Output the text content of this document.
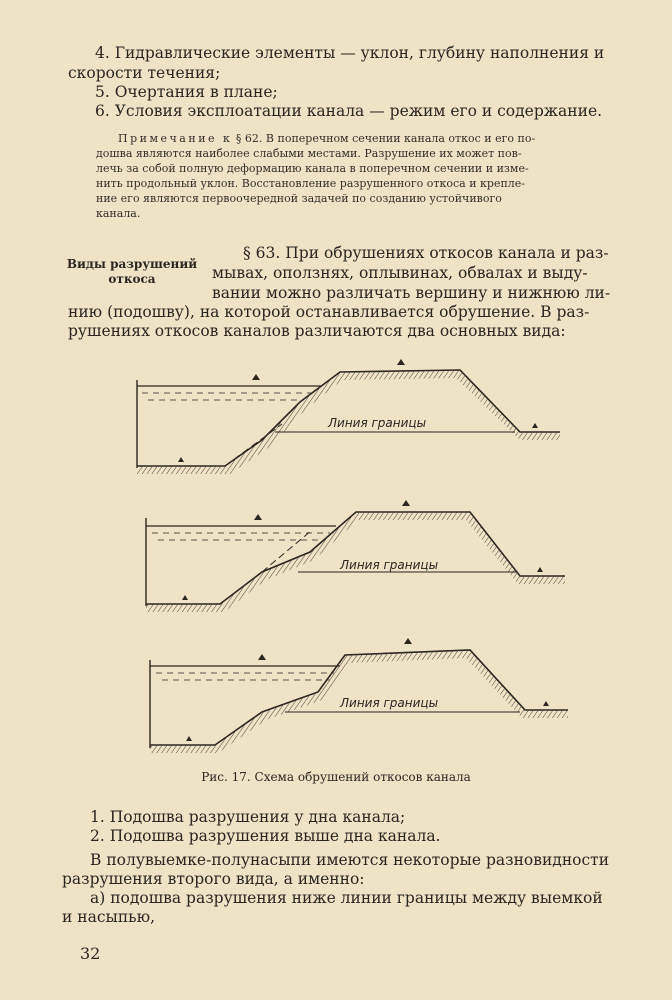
4. Гидравлические элементы — уклон, глубину наполнения и
скорости течения;
5. Очертания в плане;
6. Условия эксплоатации канала — режим его и содержание.
Примечание к § 62. В поперечном сечении канала откос и его по-
дошва являются наиболее слабыми местами. Разрушение их может пов-
лечь за собой полную деформацию канала в поперечном сечении и изме-
нить продольный уклон. Восстановление разрушенного откоса и крепле-
ние его являются первоочередной задачей по созданию устойчивого
канала.
Виды разрушений
откоса
§ 63. При обрушениях откосов канала и раз-
мывах, оползнях, оплывинах, обвалах и выду-
вании можно различать вершину и нижнюю ли-
нию (подошву), на которой останавливается обрушение. В раз-
рушениях откосов каналов различаются два основных вида:
Линия границы
Линия границы
Линия границы
Рис. 17. Схема обрушений откосов канала
1. Подошва разрушения у дна канала;
2. Подошва разрушения выше дна канала.
В полувыемке-полунасыпи имеются некоторые разновидности
разрушения второго вида, а именно:
а) подошва разрушения ниже линии границы между выемкой
и насыпью,
32
